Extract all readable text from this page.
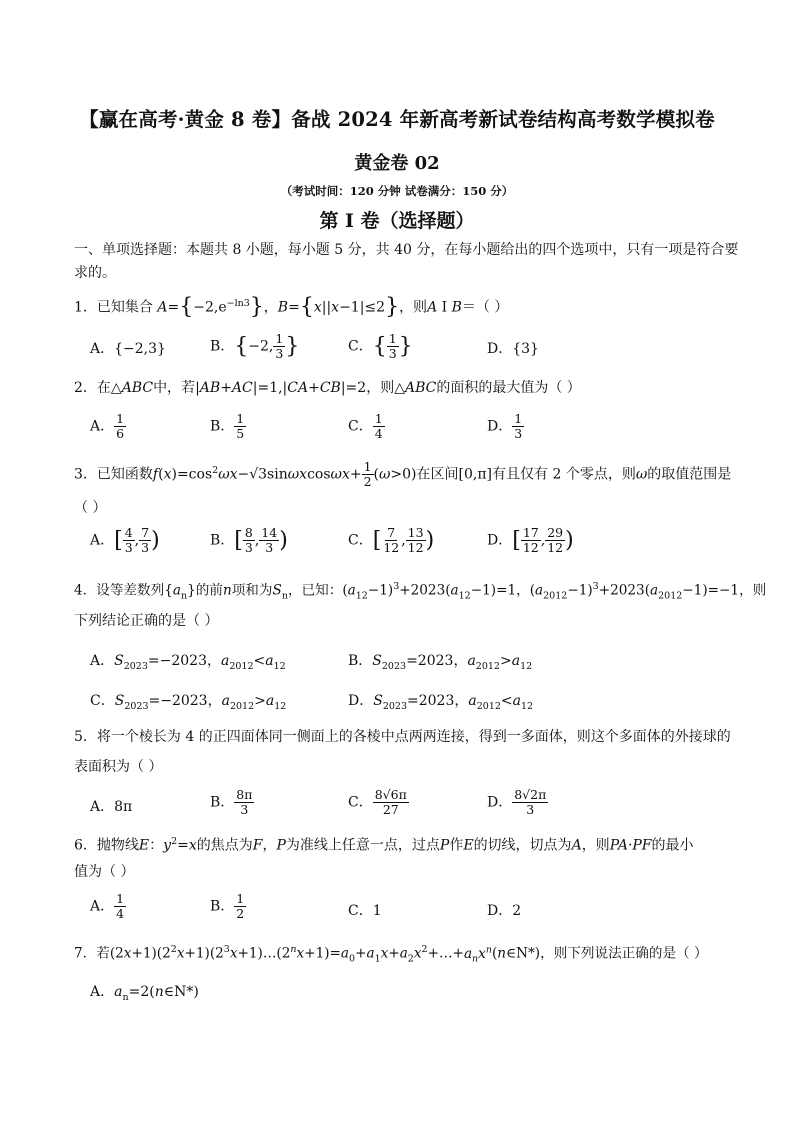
【赢在高考·黄金 8 卷】备战 2024 年新高考新试卷结构高考数学模拟卷
黄金卷 02
（考试时间：120 分钟 试卷满分：150 分）
第 I 卷（选择题）
一、单项选择题：本题共 8 小题，每小题 5 分，共 40 分，在每小题给出的四个选项中，只有一项是符合要
求的。
1．已知集合 $A=\{-2,e^{-ln3}\}$，B={x||x−1|≤2}，则A I B＝（ ）
A．{−2,3}	B．{−2, $\frac{1}{3}$ }	C．{ $\frac{1}{3}$ }	D．{3}
2．在△ABC中，若|AB+AC|=1,|CA+CB|=2，则△ABC的面积的最大值为（ ）
A． $\frac{1}{6}$	B． $\frac{1}{5}$	C． $\frac{1}{4}$	D． $\frac{1}{3}$
3．已知函数$f(x)=\cos^2\omega x-√3\sin\omega xcos\omega x+ \frac{1}{2} (\omega>0)$在区间[0,π]有且仅有 2 个零点，则ω的取值范围是
（ ）
A．[ $\frac{4}{3}$ , $\frac{7}{3}$ )	B．[ $\frac{8}{3}$ , $\frac{14}{3}$ )	C．[ $\frac{7}{12}$ , $\frac{13}{12}$ )	D．[ $\frac{17}{12}$ , $\frac{29}{12}$ )
4．设等差数列$\{a_n\}$的前n项和为$S_n$，已知：$(a_{12}-1)^3+2023(a_{12}-1)=1$，$(a_{2012}-1)^3+2023(a_{2012}-1)=-1$，则
下列结论正确的是（ ）
A．$S_{2023}=-2023$，$a_{2012}<a_{12}$	B．$S_{2023}=2023$，$a_{2012}>a_{12}$
C．$S_{2023}=-2023$，$a_{2012}>a_{12}$	D．$S_{2023}=2023$，$a_{2012}<a_{12}$
5．将一个棱长为 4 的正四面体同一侧面上的各棱中点两两连接，得到一多面体，则这个多面体的外接球的
表面积为（ ）
A．8π	B． $\frac{8\pi}{3}$	C． $\frac{8√6\pi}{27}$	D． $\frac{8√2\pi}{3}$
6．抛物线E：$y^2=x$的焦点为F，P为准线上任意一点，过点P作E的切线，切点为A，则PA·PF的最小
值为（ ）
A． $\frac{1}{4}$	B． $\frac{1}{2}$	C．1	D．2
7．若$(2x+1)(2^2x+1)(2^3x+1)\dots(2^nx+1)=a_0+a_1x+a_2x^2+\dots+a_nx^n(n\in N*)$，则下列说法正确的是（ ）
A．$a_n=2(n\in N*)$
